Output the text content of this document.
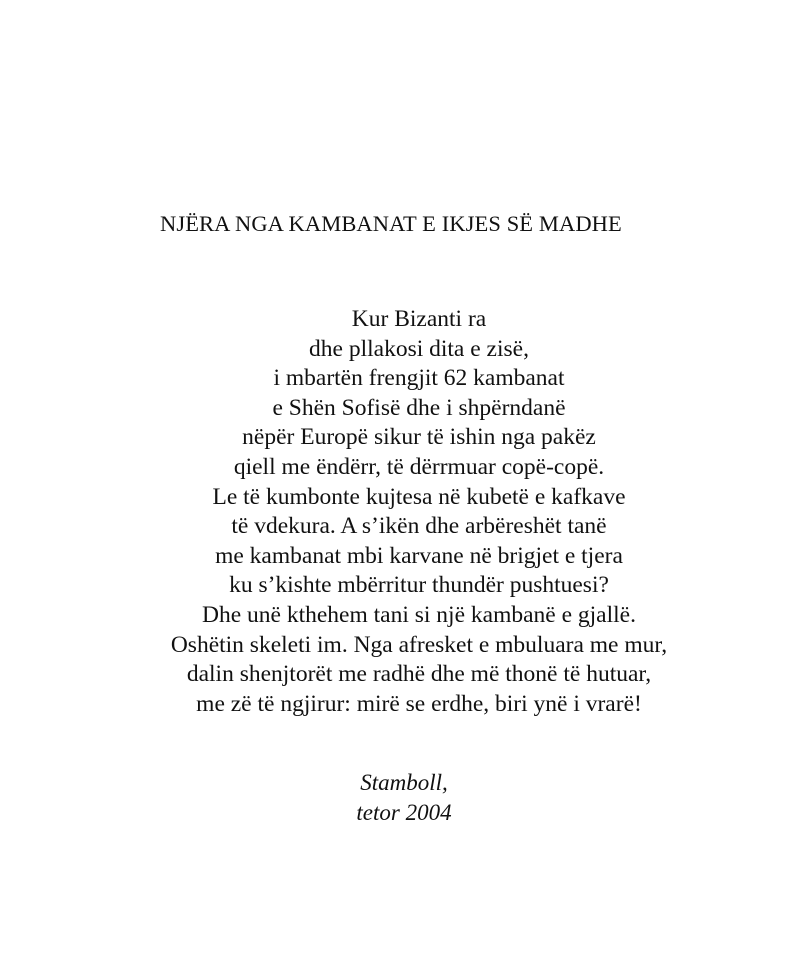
NJËRA NGA KAMBANAT E IKJES SË MADHE
Kur Bizanti ra
dhe pllakosi dita e zisë,
i mbartën frengjit 62 kambanat
e Shën Sofisë dhe i shpërndanë
nëpër Europë sikur të ishin nga pakëz
qiell me ëndërr, të dërrmuar copë-copë.
Le të kumbonte kujtesa në kubetë e kafkave
të vdekura. A s’ikën dhe arbëreshët tanë
me kambanat mbi karvane në brigjet e tjera
ku s’kishte mbërritur thundër pushtuesi?
Dhe unë kthehem tani si një kambanë e gjallë.
Oshëtin skeleti im. Nga afresket e mbuluara me mur,
dalin shenjtorët me radhë dhe më thonë të hutuar,
me zë të ngjirur: mirë se erdhe, biri ynë i vrarë!
Stamboll,
tetor 2004
